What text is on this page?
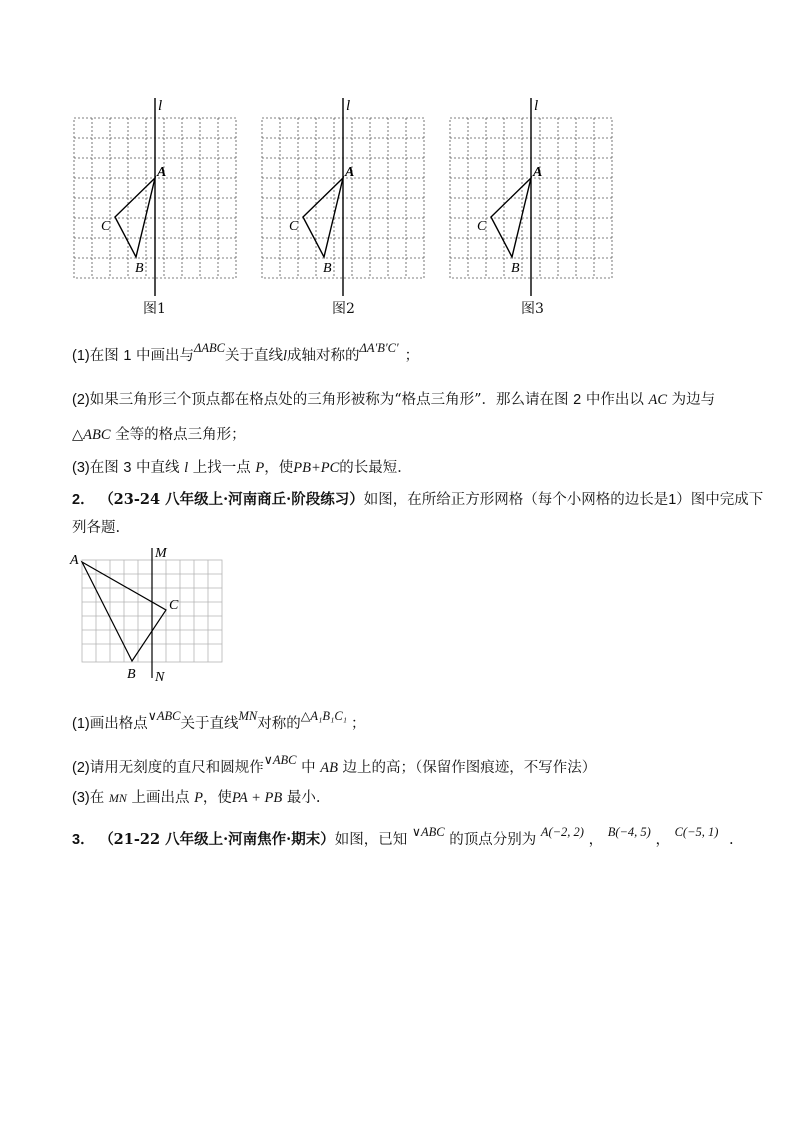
l
A
C
B
图1
l
A
C
B
图2
l
A
C
B
图3
(1)在图 1 中画出与ΔABC关于直线l成轴对称的ΔA′B′C′ ；
(2)如果三角形三个顶点都在格点处的三角形被称为“格点三角形”．那么请在图 2 中作出以 AC 为边与
△ABC 全等的格点三角形；
(3)在图 3 中直线 l 上找一点 P，使PB+PC的长最短．
2． （23-24 八年级上·河南商丘·阶段练习）如图，在所给正方形网格（每个小网格的边长是1）图中完成下
列各题.
A
C
B
M
N
(1)画出格点∨ABC关于直线MN对称的△A₁B₁C₁ ；
(2)请用无刻度的直尺和圆规作∨ABC 中 AB 边上的高；（保留作图痕迹，不写作法）
(3)在 MN 上画出点 P，使PA + PB 最小.
3． （21-22 八年级上·河南焦作·期末）如图，已知 ∨ABC 的顶点分别为 A(−2, 2) ， B(−4, 5) ， C(−5, 1) .
